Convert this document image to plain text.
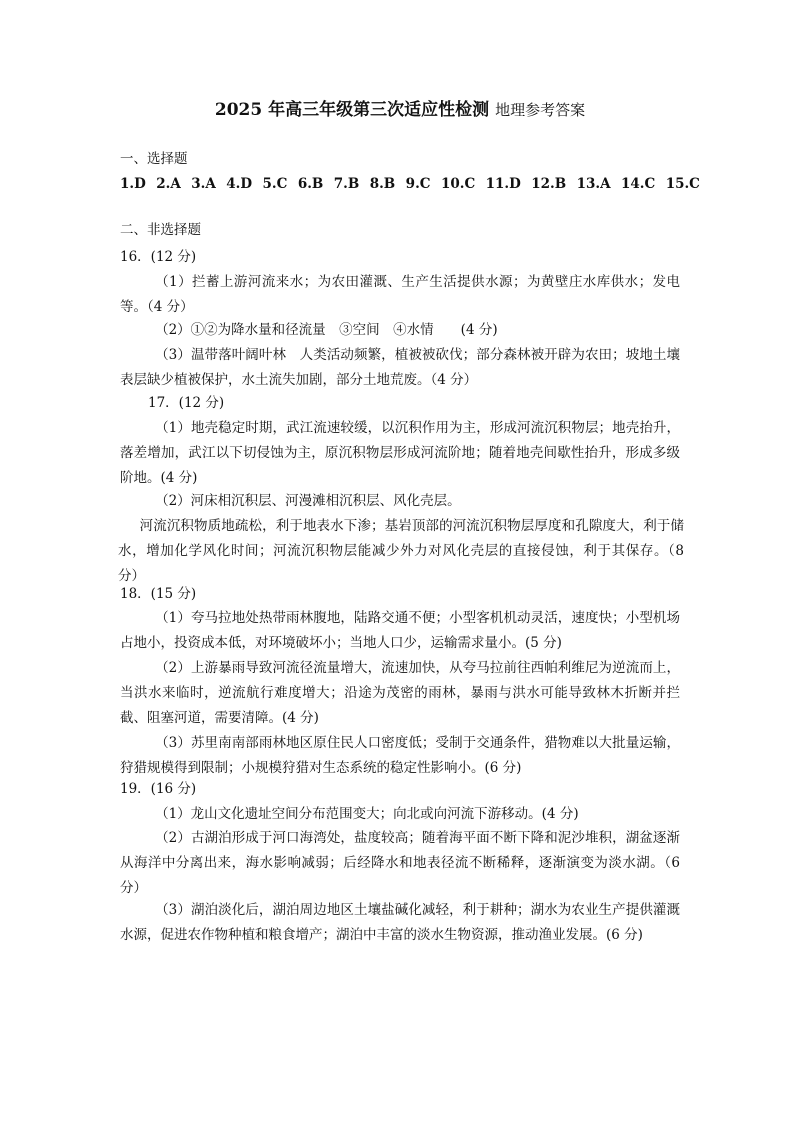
2025 年高三年级第三次适应性检测 地理参考答案
一、选择题
1.D 2.A 3.A 4.D 5.C 6.B 7.B 8.B 9.C 10.C 11.D 12.B 13.A 14.C 15.C
二、非选择题
16．(12 分)
（1）拦蓄上游河流来水；为农田灌溉、生产生活提供水源；为黄壁庄水库供水；发电等。（4 分）
（2）①②为降水量和径流量　③空间　④水情　　(4 分)
（3）温带落叶阔叶林　人类活动频繁，植被被砍伐；部分森林被开辟为农田；坡地土壤表层缺少植被保护，水土流失加剧，部分土地荒废。（4 分）
17．(12 分)
（1）地壳稳定时期，武江流速较缓，以沉积作用为主，形成河流沉积物层；地壳抬升，落差增加，武江以下切侵蚀为主，原沉积物层形成河流阶地；随着地壳间歇性抬升，形成多级阶地。(4 分)
（2）河床相沉积层、河漫滩相沉积层、风化壳层。
河流沉积物质地疏松，利于地表水下渗；基岩顶部的河流沉积物层厚度和孔隙度大，利于储水，增加化学风化时间；河流沉积物层能减少外力对风化壳层的直接侵蚀，利于其保存。（8 分）
18．(15 分)
（1）夸马拉地处热带雨林腹地，陆路交通不便；小型客机机动灵活，速度快；小型机场占地小，投资成本低，对环境破坏小；当地人口少，运输需求量小。(5 分)
（2）上游暴雨导致河流径流量增大，流速加快，从夸马拉前往西帕利维尼为逆流而上，当洪水来临时，逆流航行难度增大；沿途为茂密的雨林，暴雨与洪水可能导致林木折断并拦截、阻塞河道，需要清障。(4 分)
（3）苏里南南部雨林地区原住民人口密度低；受制于交通条件，猎物难以大批量运输，狩猎规模得到限制；小规模狩猎对生态系统的稳定性影响小。(6 分)
19．(16 分)
（1）龙山文化遗址空间分布范围变大；向北或向河流下游移动。(4 分)
（2）古湖泊形成于河口海湾处，盐度较高；随着海平面不断下降和泥沙堆积，湖盆逐渐从海洋中分离出来，海水影响减弱；后经降水和地表径流不断稀释，逐渐演变为淡水湖。（6 分）
（3）湖泊淡化后，湖泊周边地区土壤盐碱化减轻，利于耕种；湖水为农业生产提供灌溉水源，促进农作物种植和粮食增产；湖泊中丰富的淡水生物资源，推动渔业发展。(6 分)
